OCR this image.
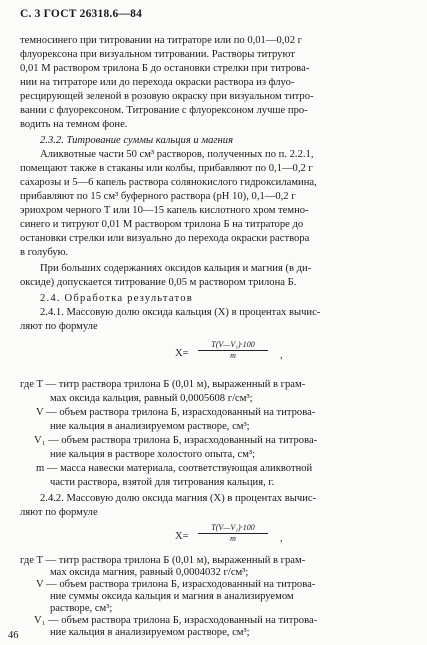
С. 3 ГОСТ 26318.6—84
темносинего при титровании на титраторе или по 0,01—0,02 г
флуорексона при визуальном титровании. Растворы титруют
0,01 М раствором трилона Б до остановки стрелки при титрова-
нии на титраторе или до перехода окраски раствора из флуо-
ресцирующей зеленой в розовую окраску при визуальном титро-
вании с флуорексоном. Титрование с флуорексоном лучше про-
водить на темном фоне.
2.3.2. Титрование суммы кальция и магния
Аликвотные части 50 см³ растворов, полученных по п. 2.2.1,
помещают также в стаканы или колбы, прибавляют по 0,1—0,2 г
сахарозы и 5—6 капель раствора солянокислого гидроксиламина,
прибавляют по 15 см³ буферного раствора (рН 10), 0,1—0,2 г
эриохром черного Т или 10—15 капель кислотного хром темно-
синего и титруют 0,01 М раствором трилона Б на титраторе до
остановки стрелки или визуально до перехода окраски раствора
в голубую.
При больших содержаниях оксидов кальция и магния (в ди-
оксиде) допускается титрование 0,05 м раствором трилона Б.
2.4. Обработка результатов
2.4.1. Массовую долю оксида кальция (X) в процентах вычис-
ляют по формуле
$X= \frac{\text{T(V—V₁)·100}}{m}$ ,
где T — титр раствора трилона Б (0,01 м), выраженный в грам-
мах оксида кальция, равный 0,0005608 г/см³;
V — объем раствора трилона Б, израсходованный на титрова-
ние кальция в анализируемом растворе, см³;
V₁ — объем раствора трилона Б, израсходованный на титрова-
ние кальция в растворе холостого опыта, см³;
m — масса навески материала, соответствующая аликвотной
части раствора, взятой для титрования кальция, г.
2.4.2. Массовую долю оксида магния (X) в процентах вычис-
ляют по формуле
$X= \frac{\text{T(V—V₁)·100}}{m}$ ,
где T — титр раствора трилона Б (0,01 м), выраженный в грам-
мах оксида магния, равный 0,0004032 г/см³;
V — объем раствора трилона Б, израсходованный на титрова-
ние суммы оксида кальция и магния в анализируемом
растворе, см³;
V₁ — объем раствора трилона Б, израсходованный на титрова-
ние кальция в анализируемом растворе, см³;
46
